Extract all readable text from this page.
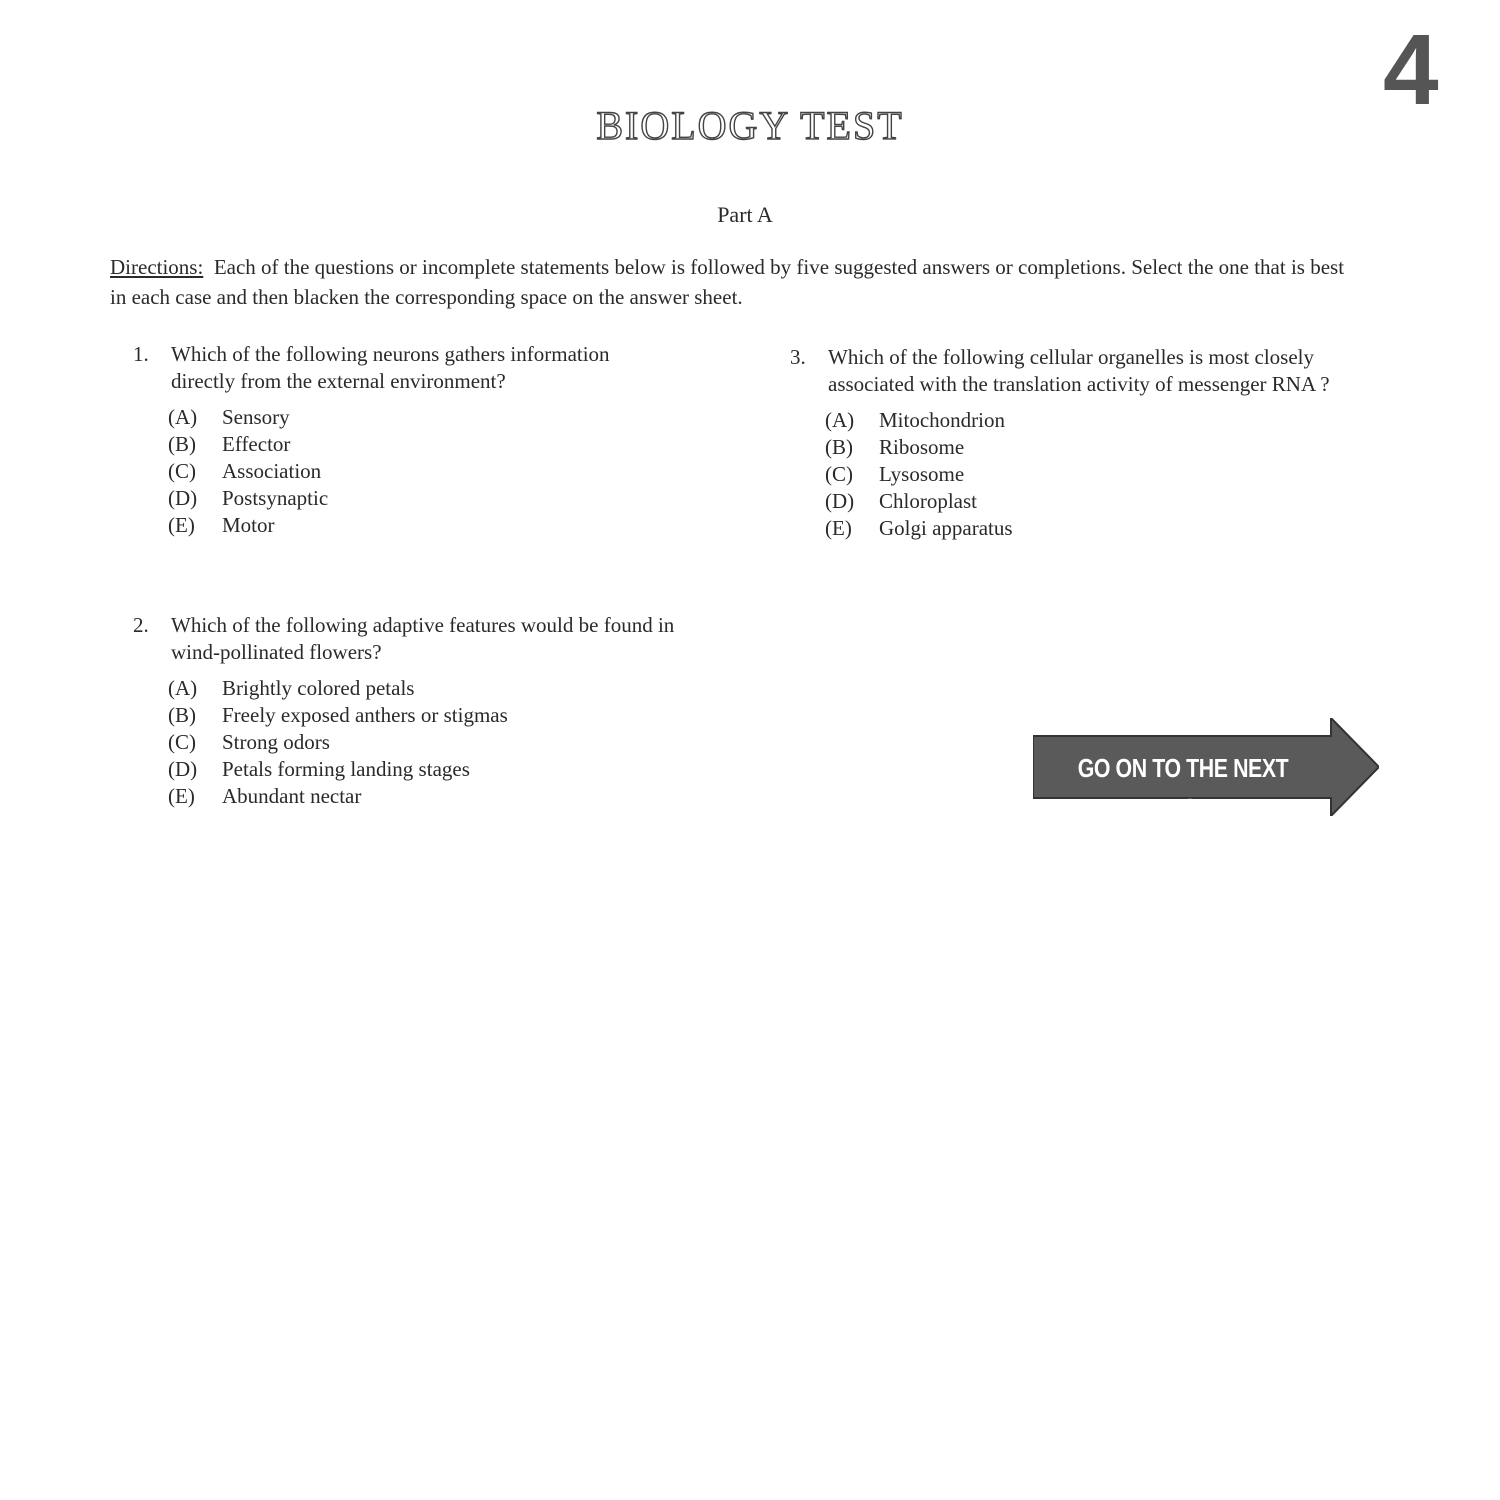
4
BIOLOGY TEST
Part A

Directions: Each of the questions or incomplete statements below is followed by five suggested answers or completions. Select the one that is best in each case and then blacken the corresponding space on the answer sheet.

1. Which of the following neurons gathers information directly from the external environment?
(A) Sensory
(B) Effector
(C) Association
(D) Postsynaptic
(E) Motor
2. Which of the following adaptive features would be found in wind-pollinated flowers?
(A) Brightly colored petals
(B) Freely exposed anthers or stigmas
(C) Strong odors
(D) Petals forming landing stages
(E) Abundant nectar
3. Which of the following cellular organelles is most closely associated with the translation activity of messenger RNA ?
(A) Mitochondrion
(B) Ribosome
(C) Lysosome
(D) Chloroplast
(E) Golgi apparatus
GO ON TO THE NEXT PAGE
